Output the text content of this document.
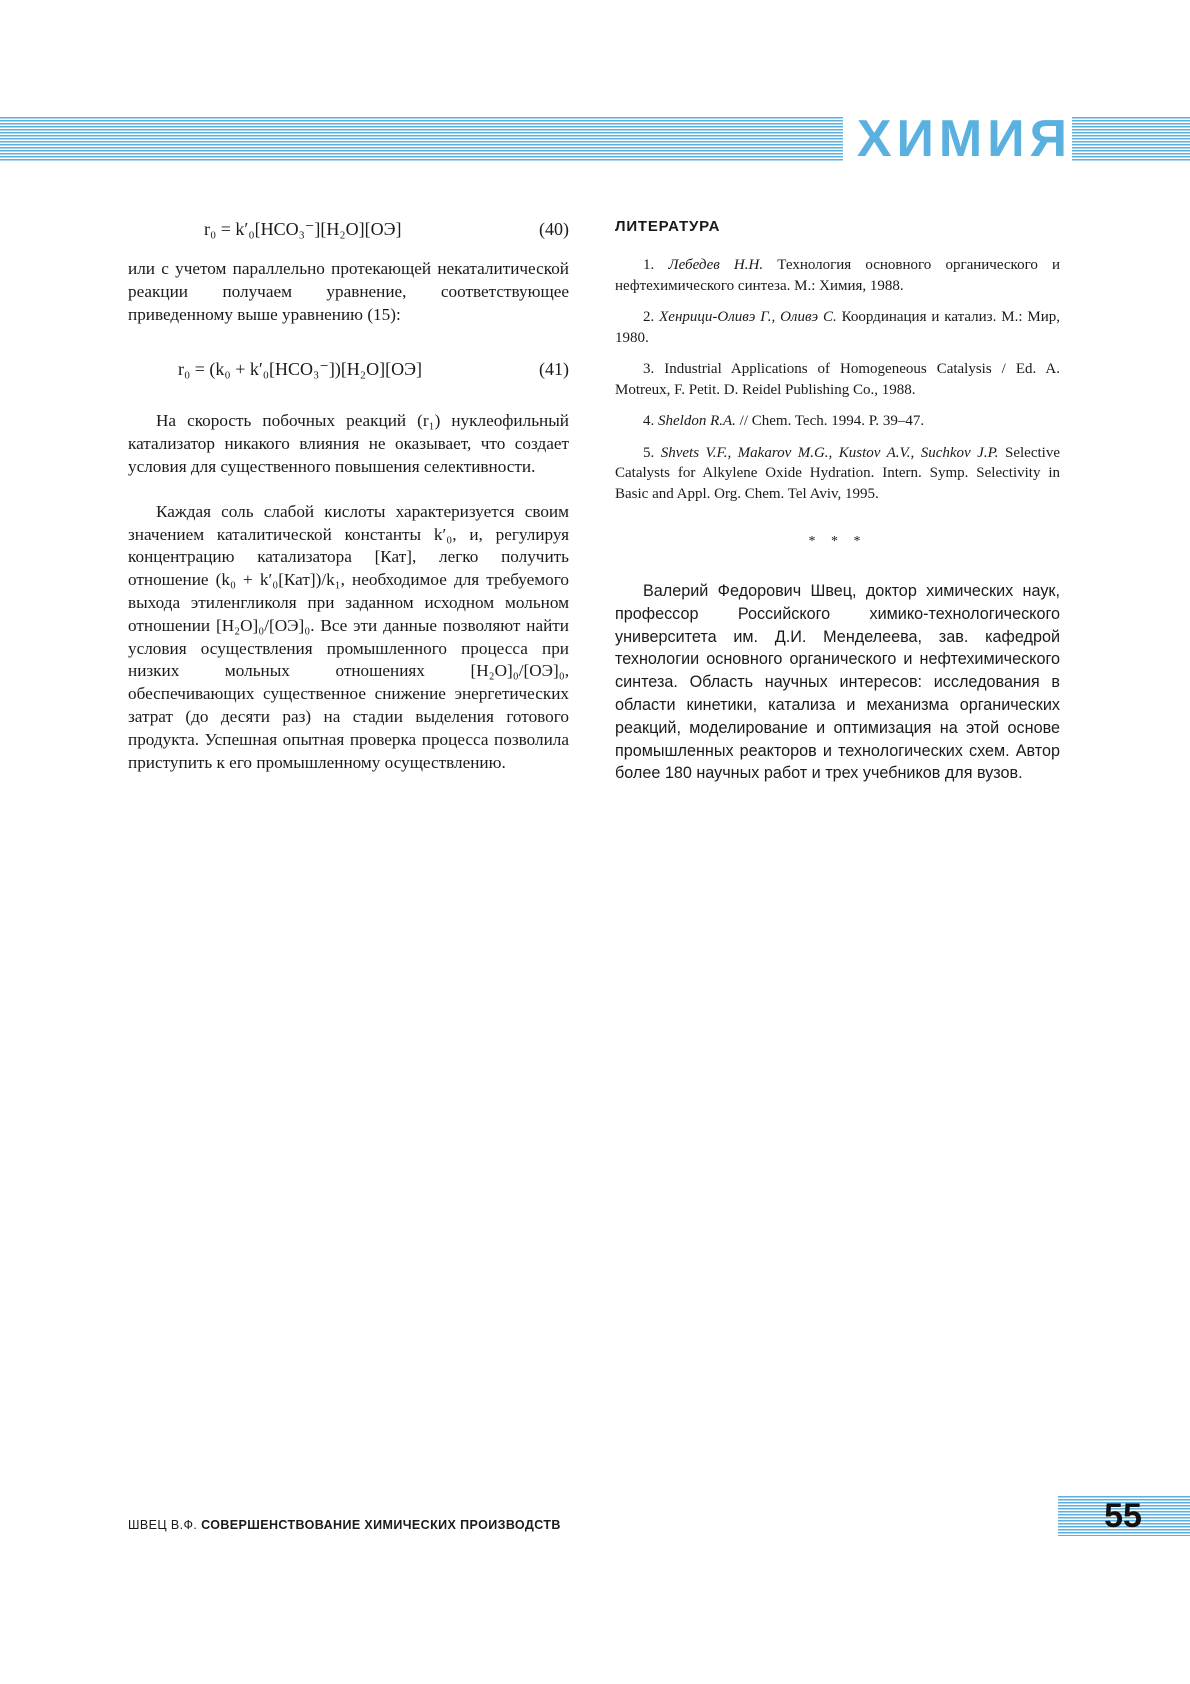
ХИМИЯ
r₀ = k′₀[HCO₃⁻][H₂O][ОЭ]	(40)

или с учетом параллельно протекающей некаталитической реакции получаем уравнение, соответствующее приведенному выше уравнению (15):

r₀ = (k₀ + k′₀[HCO₃⁻])[H₂O][ОЭ]	(41)

На скорость побочных реакций (r₁) нуклеофильный катализатор никакого влияния не оказывает, что создает условия для существенного повышения селективности.

Каждая соль слабой кислоты характеризуется своим значением каталитической константы k′₀, и, регулируя концентрацию катализатора [Кат], легко получить отношение (k₀ + k′₀[Кат])/k₁, необходимое для требуемого выхода этиленгликоля при заданном исходном мольном отношении [H₂O]₀/[ОЭ]₀. Все эти данные позволяют найти условия осуществления промышленного процесса при низких мольных отношениях [H₂O]₀/[ОЭ]₀, обеспечивающих существенное снижение энергетических затрат (до десяти раз) на стадии выделения готового продукта. Успешная опытная проверка процесса позволила приступить к его промышленному осуществлению.

ЛИТЕРАТУРА

1. Лебедев Н.Н. Технология основного органического и нефтехимического синтеза. М.: Химия, 1988.

2. Хенрици-Оливэ Г., Оливэ С. Координация и катализ. М.: Мир, 1980.

3. Industrial Applications of Homogeneous Catalysis / Ed. A. Motreux, F. Petit. D. Reidel Publishing Co., 1988.

4. Sheldon R.A. // Chem. Tech. 1994. P. 39–47.

5. Shvets V.F., Makarov M.G., Kustov A.V., Suchkov J.P. Selective Catalysts for Alkylene Oxide Hydration. Intern. Symp. Selectivity in Basic and Appl. Org. Chem. Tel Aviv, 1995.

* * *

Валерий Федорович Швец, доктор химических наук, профессор Российского химико-технологического университета им. Д.И. Менделеева, зав. кафедрой технологии основного органического и нефтехимического синтеза. Область научных интересов: исследования в области кинетики, катализа и механизма органических реакций, моделирование и оптимизация на этой основе промышленных реакторов и технологических схем. Автор более 180 научных работ и трех учебников для вузов.

ШВЕЦ В.Ф. СОВЕРШЕНСТВОВАНИЕ ХИМИЧЕСКИХ ПРОИЗВОДСТВ	55
